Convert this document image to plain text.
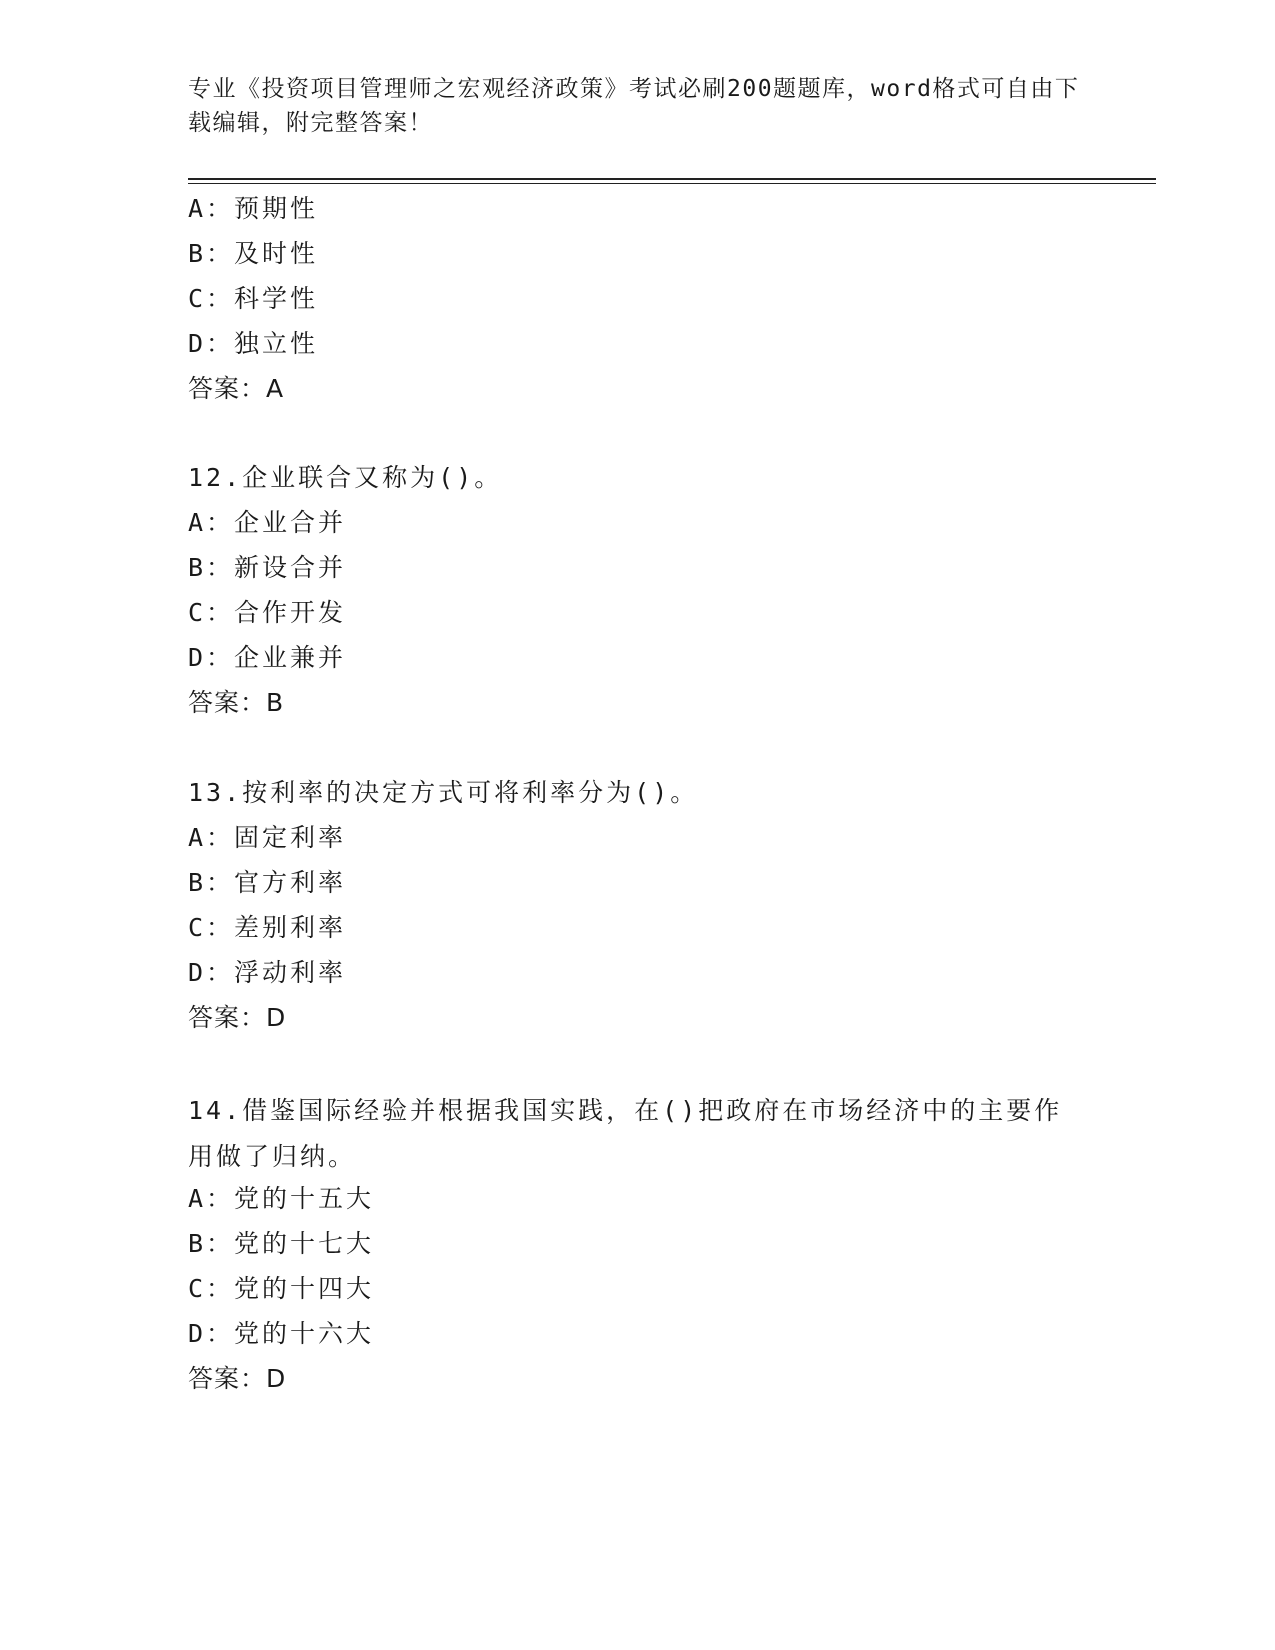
专业《投资项目管理师之宏观经济政策》考试必刷200题题库，word格式可自由下载编辑，附完整答案！
A：预期性
B：及时性
C：科学性
D：独立性
答案：A
12.企业联合又称为()。
A：企业合并
B：新设合并
C：合作开发
D：企业兼并
答案：B
13.按利率的决定方式可将利率分为()。
A：固定利率
B：官方利率
C：差别利率
D：浮动利率
答案：D
14.借鉴国际经验并根据我国实践，在()把政府在市场经济中的主要作用做了归纳。
A：党的十五大
B：党的十七大
C：党的十四大
D：党的十六大
答案：D
